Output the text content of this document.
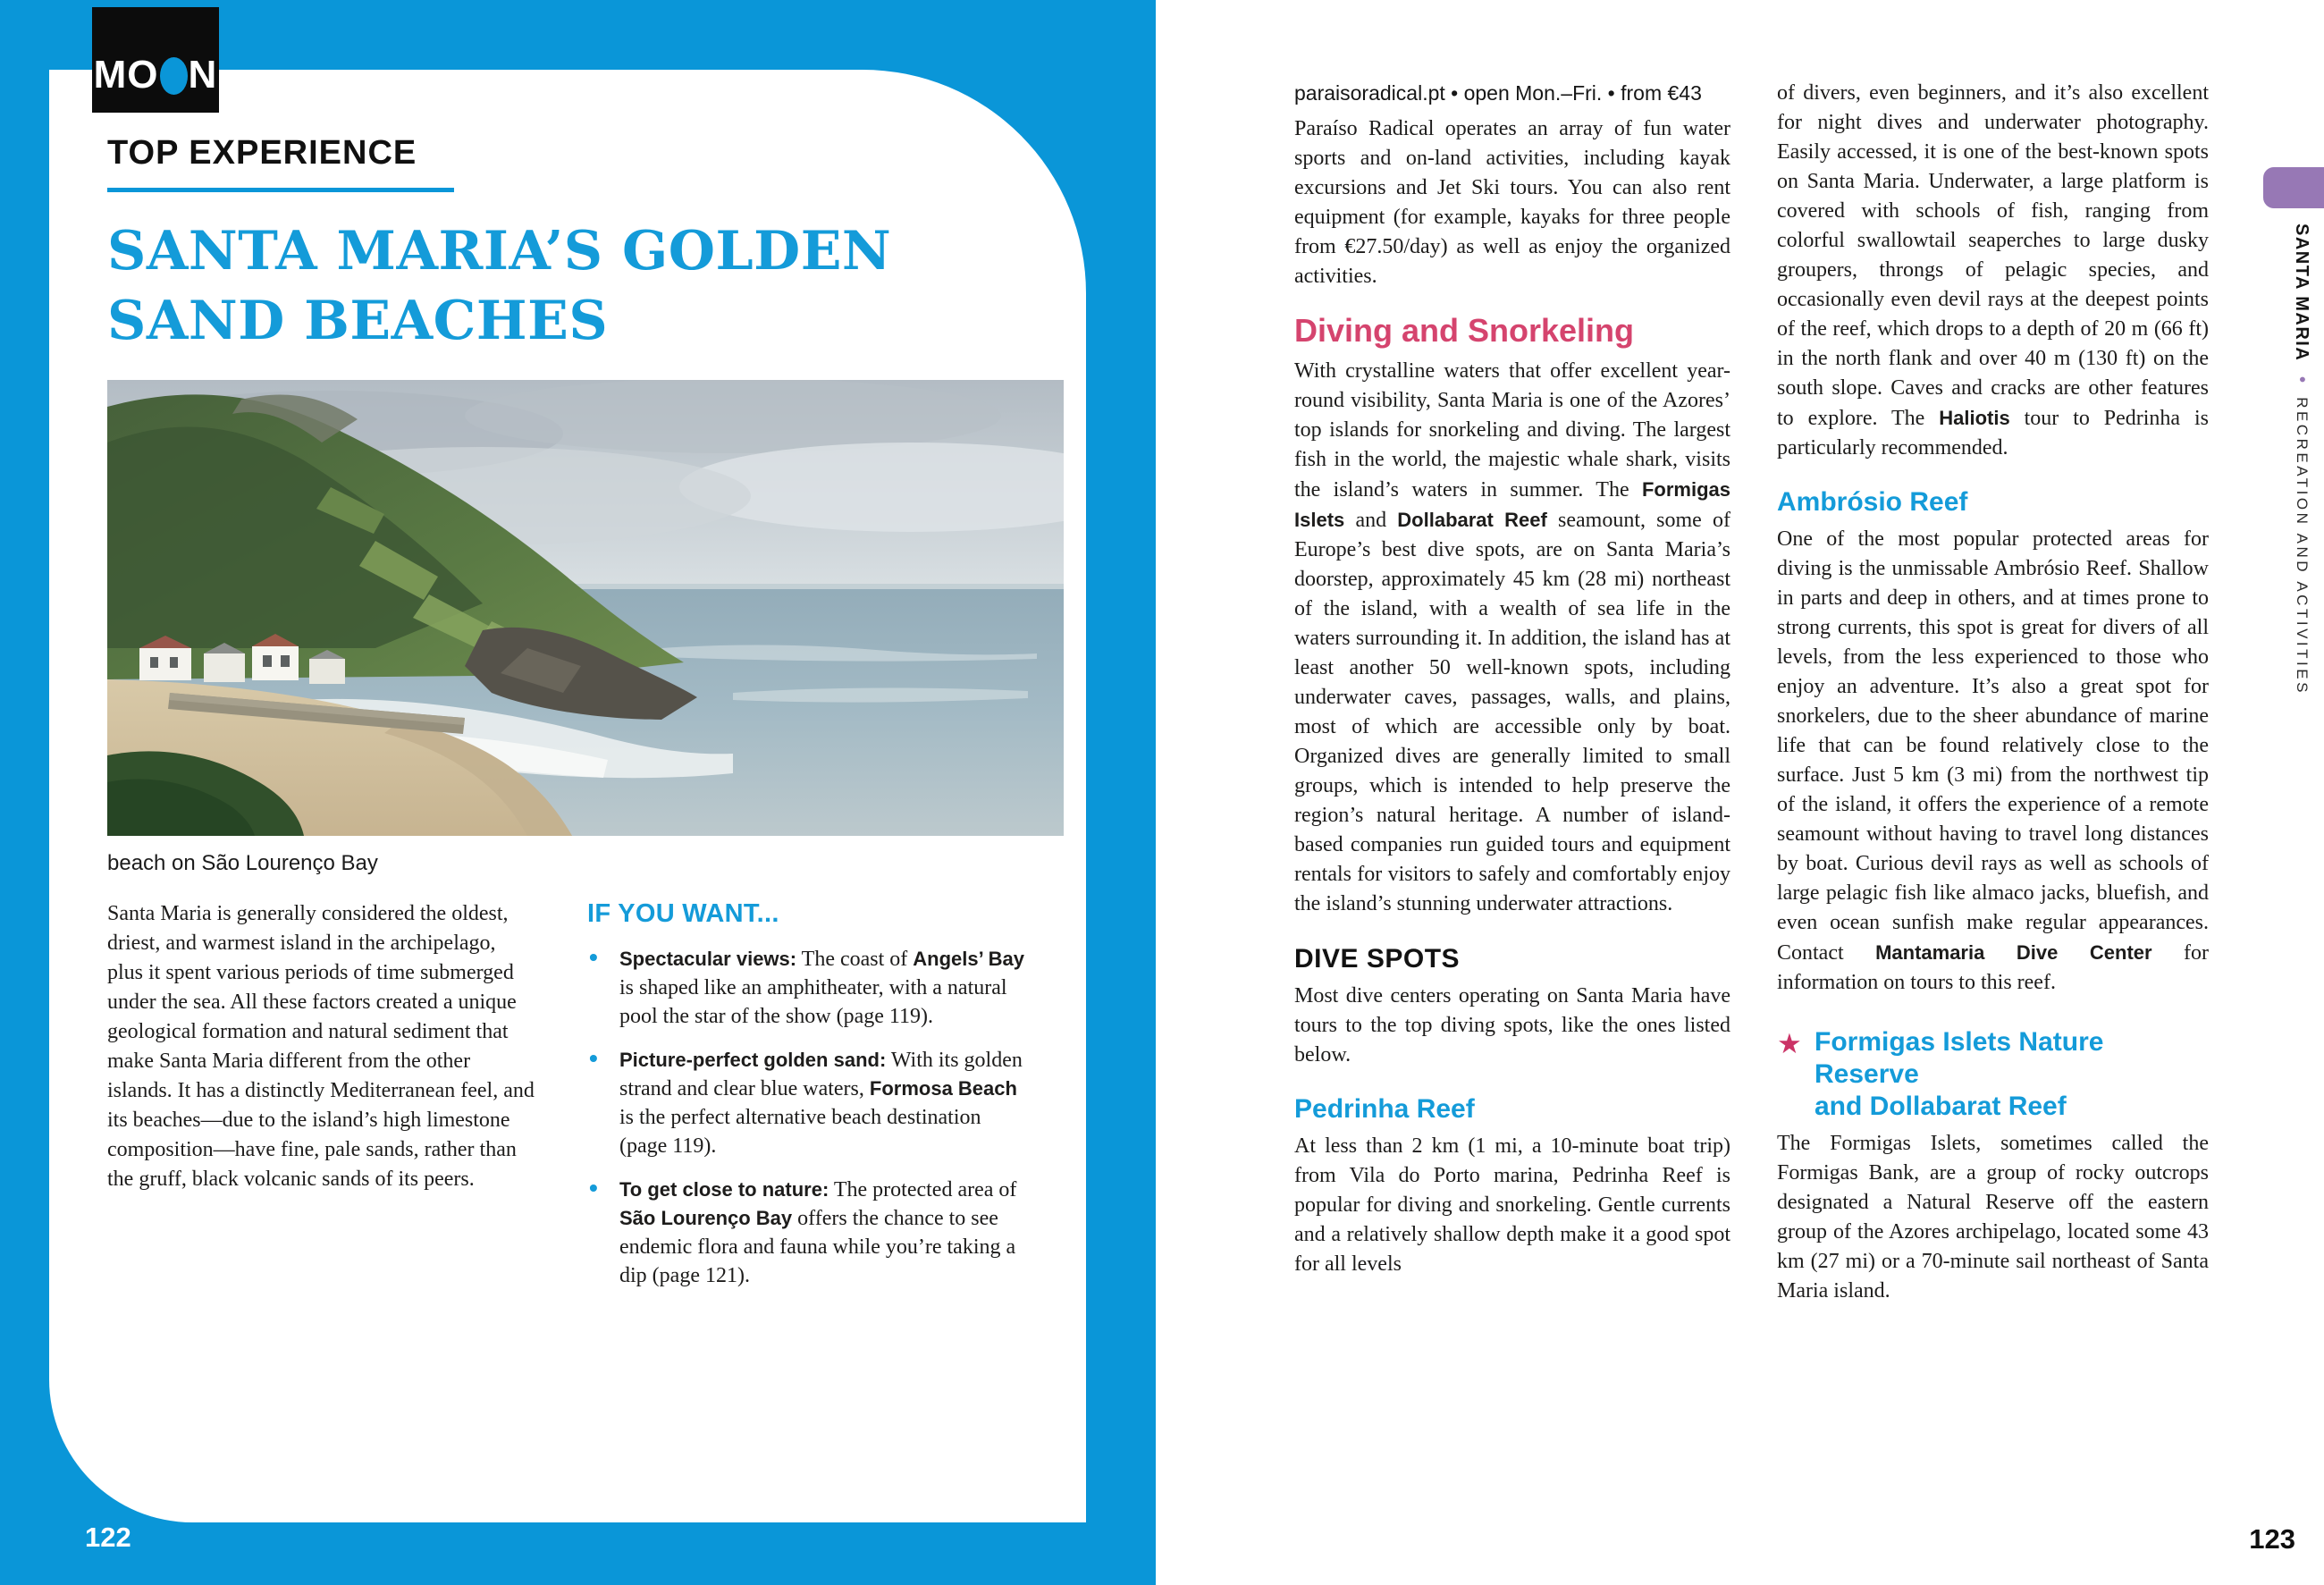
TOP EXPERIENCE
SANTA MARIA’S GOLDEN
SAND BEACHES
beach on São Lourenço Bay

Santa Maria is generally considered the oldest, driest, and warmest island in the archipelago, plus it spent various periods of time submerged under the sea. All these factors created a unique geological formation and natural sediment that make Santa Maria different from the other islands. It has a distinctly Mediterranean feel, and its beaches—due to the island’s high limestone composition—have fine, pale sands, rather than the gruff, black volcanic sands of its peers.

IF YOU WANT...
• Spectacular views: The coast of Angels’ Bay is shaped like an amphitheater, with a natural pool the star of the show (page 119).
• Picture-perfect golden sand: With its golden strand and clear blue waters, Formosa Beach is the perfect alternative beach destination (page 119).
• To get close to nature: The protected area of São Lourenço Bay offers the chance to see endemic flora and fauna while you’re taking a dip (page 121).
MO N
122

paraisoradical.pt • open Mon.–Fri. • from €43

Paraíso Radical operates an array of fun water sports and on-land activities, including kayak excursions and Jet Ski tours. You can also rent equipment (for example, kayaks for three people from €27.50/day) as well as enjoy the organized activities.

Diving and Snorkeling

With crystalline waters that offer excellent year-round visibility, Santa Maria is one of the Azores’ top islands for snorkeling and diving. The largest fish in the world, the majestic whale shark, visits the island’s waters in summer. The Formigas Islets and Dollabarat Reef seamount, some of Europe’s best dive spots, are on Santa Maria’s doorstep, approximately 45 km (28 mi) northeast of the island, with a wealth of sea life in the waters surrounding it. In addition, the island has at least another 50 well-known spots, including underwater caves, passages, walls, and plains, most of which are accessible only by boat. Organized dives are generally limited to small groups, which is intended to help preserve the region’s natural heritage. A number of island-based companies run guided tours and equipment rentals for visitors to safely and comfortably enjoy the island’s stunning underwater attractions.

DIVE SPOTS

Most dive centers operating on Santa Maria have tours to the top diving spots, like the ones listed below.

Pedrinha Reef

At less than 2 km (1 mi, a 10-minute boat trip) from Vila do Porto marina, Pedrinha Reef is popular for diving and snorkeling. Gentle currents and a relatively shallow depth make it a good spot for all levels

of divers, even beginners, and it’s also excellent for night dives and underwater photography. Easily accessed, it is one of the best-known spots on Santa Maria. Underwater, a large platform is covered with schools of fish, ranging from colorful swallowtail seaperches to large dusky groupers, throngs of pelagic species, and occasionally even devil rays at the deepest points of the reef, which drops to a depth of 20 m (66 ft) in the north flank and over 40 m (130 ft) on the south slope. Caves and cracks are other features to explore. The Haliotis tour to Pedrinha is particularly recommended.

Ambrósio Reef

One of the most popular protected areas for diving is the unmissable Ambrósio Reef. Shallow in parts and deep in others, and at times prone to strong currents, this spot is great for divers of all levels, from the less experienced to those who enjoy an adventure. It’s also a great spot for snorkelers, due to the sheer abundance of marine life that can be found relatively close to the surface. Just 5 km (3 mi) from the northwest tip of the island, it offers the experience of a remote seamount without having to travel long distances by boat. Curious devil rays as well as schools of large pelagic fish like almaco jacks, bluefish, and even ocean sunfish make regular appearances. Contact Mantamaria Dive Center for information on tours to this reef.

★ Formigas Islets Nature Reserve
and Dollabarat Reef

The Formigas Islets, sometimes called the Formigas Bank, are a group of rocky outcrops designated a Natural Reserve off the eastern group of the Azores archipelago, located some 43 km (27 mi) or a 70-minute sail northeast of Santa Maria island.

SANTA MARIA • RECREATION AND ACTIVITIES
123
